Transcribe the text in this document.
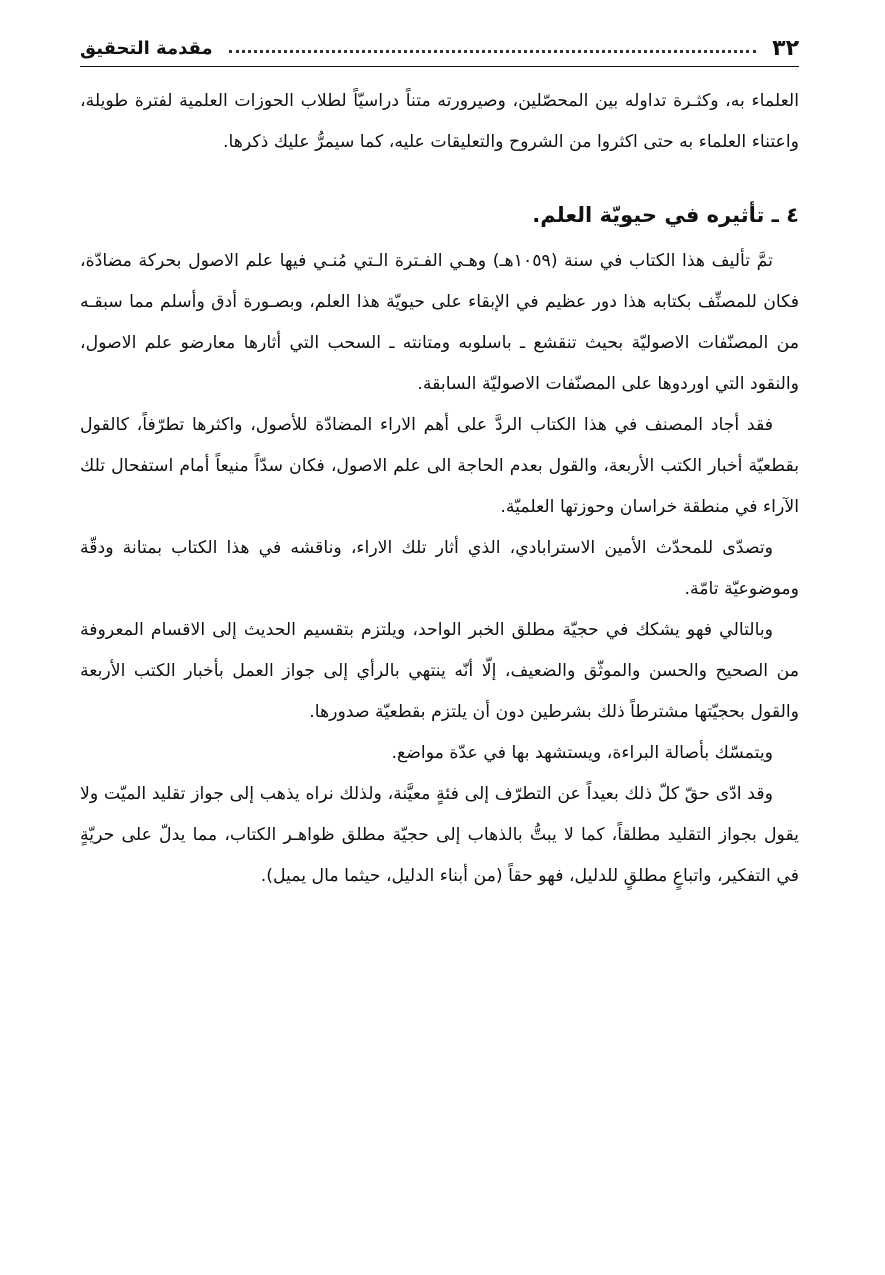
٣٢
مقدمة التحقيق

العلماء به، وكثـرة تداوله بين المحصّلين، وصيرورته متناً دراسيّاً لطلاب الحوزات العلمية لفترة طويلة، واعتناء العلماء به حتى اكثروا من الشروح والتعليقات عليه، كما سيمرُّ عليك ذكرها.

٤ ـ تأثيره في حيويّة العلم.

تمَّ تأليف هذا الكتاب في سنة (١٠٥٩هـ) وهـي الفـترة الـتي مُنـي فيها علم الاصول بحركة مضادّة، فكان للمصنِّف بكتابه هذا دور عظيم في الإبقاء على حيويّة هذا العلم، وبصـورة أدق وأسلم مما سبقـه من المصنّفات الاصوليّة بحيث تنقشع ـ باسلوبه ومتانته ـ السحب التي أثارها معارضو علم الاصول، والنقود التي اوردوها على المصنّفات الاصوليّة السابقة.

فقد أجاد المصنف في هذا الكتاب الردَّ على أهم الاراء المضادّة للأصول، واكثرها تطرّفاً، كالقول بقطعيّة أخبار الكتب الأربعة، والقول بعدم الحاجة الى علم الاصول، فكان سدّاً منيعاً أمام استفحال تلك الآراء في منطقة خراسان وحوزتها العلميّة.

وتصدّى للمحدّث الأمين الاسترابادي، الذي أثار تلك الاراء، وناقشه في هذا الكتاب بمتانة ودقّة وموضوعيّة تامّة.

وبالتالي فهو يشكك في حجيّة مطلق الخبر الواحد، ويلتزم بتقسيم الحديث إلى الاقسام المعروفة من الصحيح والحسن والموثّق والضعيف، إلّا أنّه ينتهي بالرأي إلى جواز العمل بأخبار الكتب الأربعة والقول بحجيّتها مشترطاً ذلك بشرطين دون أن يلتزم بقطعيّة صدورها.

ويتمسّك بأصالة البراءة، ويستشهد بها في عدّة مواضع.

وقد ادّى حقّ كلّ ذلك بعيداً عن التطرّف إلى فئةٍ معيَّنة، ولذلك نراه يذهب إلى جواز تقليد الميّت ولا يقول بجواز التقليد مطلقاً، كما لا يبتُّ بالذهاب إلى حجيّة مطلق ظواهـر الكتاب، مما يدلّ على حريّةٍ في التفكير، واتباعٍ مطلقٍ للدليل، فهو حقاً (من أبناء الدليل، حيثما مال يميل).
